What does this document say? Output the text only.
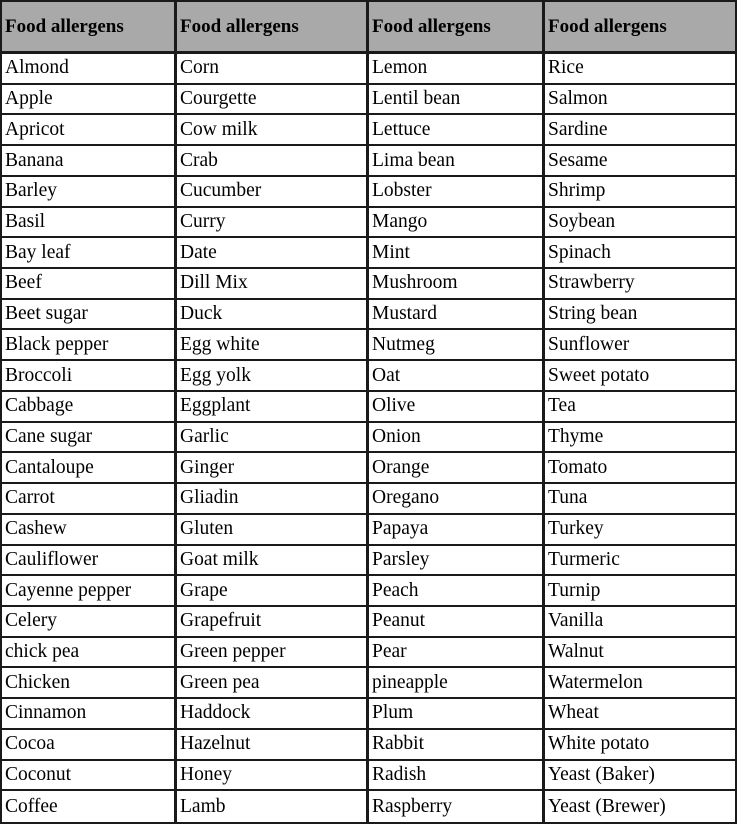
Food allergens	Food allergens	Food allergens	Food allergens
Almond	Corn	Lemon	Rice
Apple	Courgette	Lentil bean	Salmon
Apricot	Cow milk	Lettuce	Sardine
Banana	Crab	Lima bean	Sesame
Barley	Cucumber	Lobster	Shrimp
Basil	Curry	Mango	Soybean
Bay leaf	Date	Mint	Spinach
Beef	Dill Mix	Mushroom	Strawberry
Beet sugar	Duck	Mustard	String bean
Black pepper	Egg white	Nutmeg	Sunflower
Broccoli	Egg yolk	Oat	Sweet potato
Cabbage	Eggplant	Olive	Tea
Cane sugar	Garlic	Onion	Thyme
Cantaloupe	Ginger	Orange	Tomato
Carrot	Gliadin	Oregano	Tuna
Cashew	Gluten	Papaya	Turkey
Cauliflower	Goat milk	Parsley	Turmeric
Cayenne pepper	Grape	Peach	Turnip
Celery	Grapefruit	Peanut	Vanilla
chick pea	Green pepper	Pear	Walnut
Chicken	Green pea	pineapple	Watermelon
Cinnamon	Haddock	Plum	Wheat
Cocoa	Hazelnut	Rabbit	White potato
Coconut	Honey	Radish	Yeast (Baker)
Coffee	Lamb	Raspberry	Yeast (Brewer)
